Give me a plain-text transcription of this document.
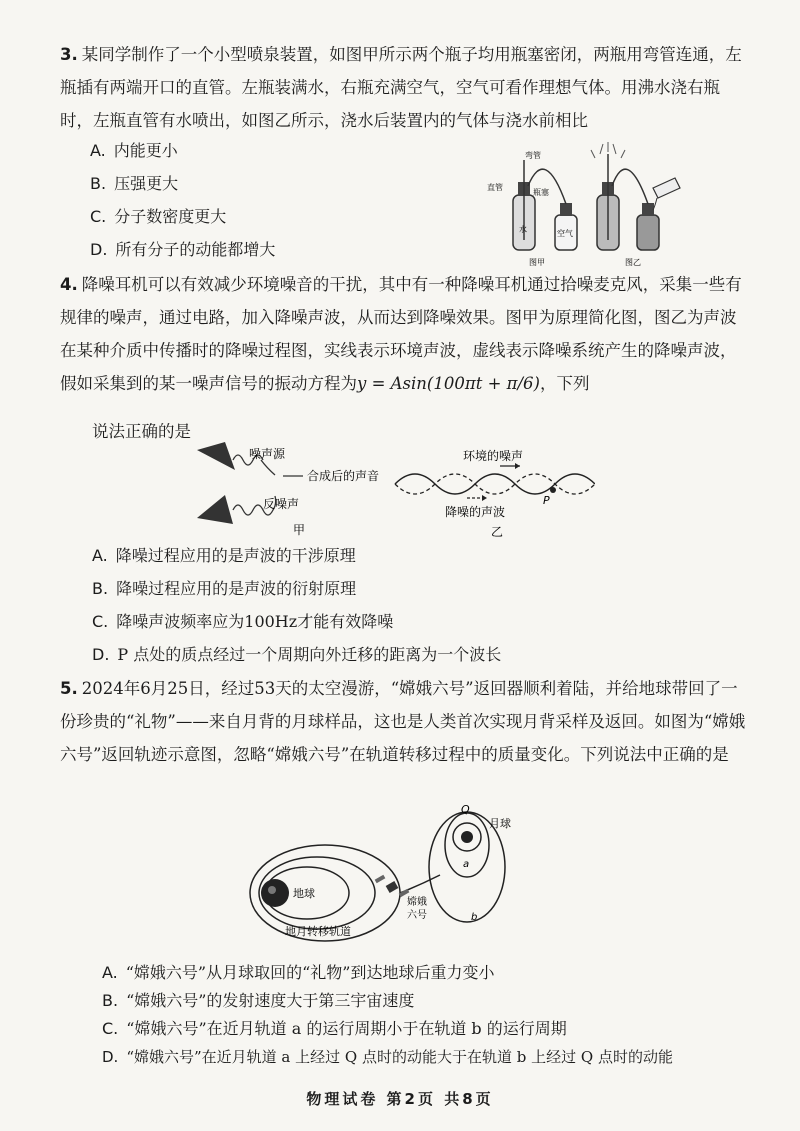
3. 某同学制作了一个小型喷泉装置，如图甲所示两个瓶子均用瓶塞密闭，两瓶用弯管连通，左瓶插有两端开口的直管。左瓶装满水，右瓶充满空气，空气可看作理想气体。用沸水浇右瓶时，左瓶直管有水喷出，如图乙所示，浇水后装置内的气体与浇水前相比
A. 内能更小
B. 压强更大
C. 分子数密度更大
D. 所有分子的动能都增大
弯管
直管
瓶塞
水	空气
图甲	图乙
4. 降噪耳机可以有效减少环境噪音的干扰，其中有一种降噪耳机通过拾噪麦克风，采集一些有规律的噪声，通过电路，加入降噪声波，从而达到降噪效果。图甲为原理简化图，图乙为声波在某种介质中传播时的降噪过程图，实线表示环境声波，虚线表示降噪系统产生的降噪声波，假如采集到的某一噪声信号的振动方程为y = Asin(100πt + π/6)，下列
说法正确的是
噪声源
合成后的声音
反噪声
甲
环境的噪声
降噪的声波
P
乙
A. 降噪过程应用的是声波的干涉原理
B. 降噪过程应用的是声波的衍射原理
C. 降噪声波频率应为100Hz才能有效降噪
D. P 点处的质点经过一个周期向外迁移的距离为一个波长
5. 2024年6月25日，经过53天的太空漫游，“嫦娥六号”返回器顺利着陆，并给地球带回了一份珍贵的“礼物”——来自月背的月球样品，这也是人类首次实现月背采样及返回。如图为“嫦娥六号”返回轨迹示意图，忽略“嫦娥六号”在轨道转移过程中的质量变化。下列说法中正确的是
地球
地月转移轨道
嫦娥
六号
Q
月球
a
b
A. “嫦娥六号”从月球取回的“礼物”到达地球后重力变小
B. “嫦娥六号”的发射速度大于第三宇宙速度
C. “嫦娥六号”在近月轨道 a 的运行周期小于在轨道 b 的运行周期
D. “嫦娥六号”在近月轨道 a 上经过 Q 点时的动能大于在轨道 b 上经过 Q 点时的动能
物理试卷 第2页 共8页
